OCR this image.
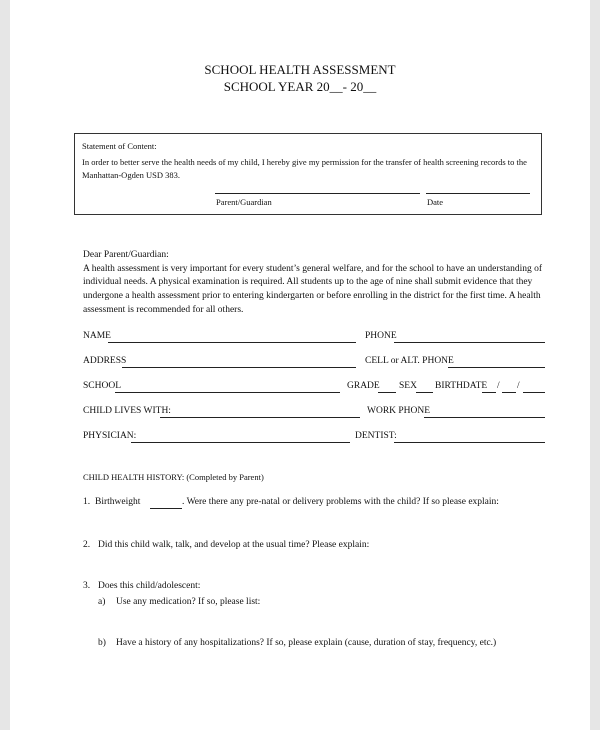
SCHOOL HEALTH ASSESSMENT
SCHOOL YEAR 20__- 20__
Statement of Content:
In order to better serve the health needs of my child, I hereby give my permission for the transfer of health screening records to the
Manhattan-Ogden USD 383.
Parent/Guardian	Date
Dear Parent/Guardian:
A health assessment is very important for every student’s general welfare, and for the school to have an understanding of
individual needs. A physical examination is required. All students up to the age of nine shall submit evidence that they
undergone a health assessment prior to entering kindergarten or before enrolling in the district for the first time. A health
assessment is recommended for all others.
NAME	PHONE
ADDRESS	CELL or ALT. PHONE
SCHOOL	GRADE SEX BIRTHDATE / /
CHILD LIVES WITH:	WORK PHONE
PHYSICIAN:	DENTIST:
CHILD HEALTH HISTORY: (Completed by Parent)
1. Birthweight	. Were there any pre-natal or delivery problems with the child? If so please explain:
2. Did this child walk, talk, and develop at the usual time? Please explain:
3. Does this child/adolescent:
a) Use any medication? If so, please list:
b) Have a history of any hospitalizations? If so, please explain (cause, duration of stay, frequency, etc.)
